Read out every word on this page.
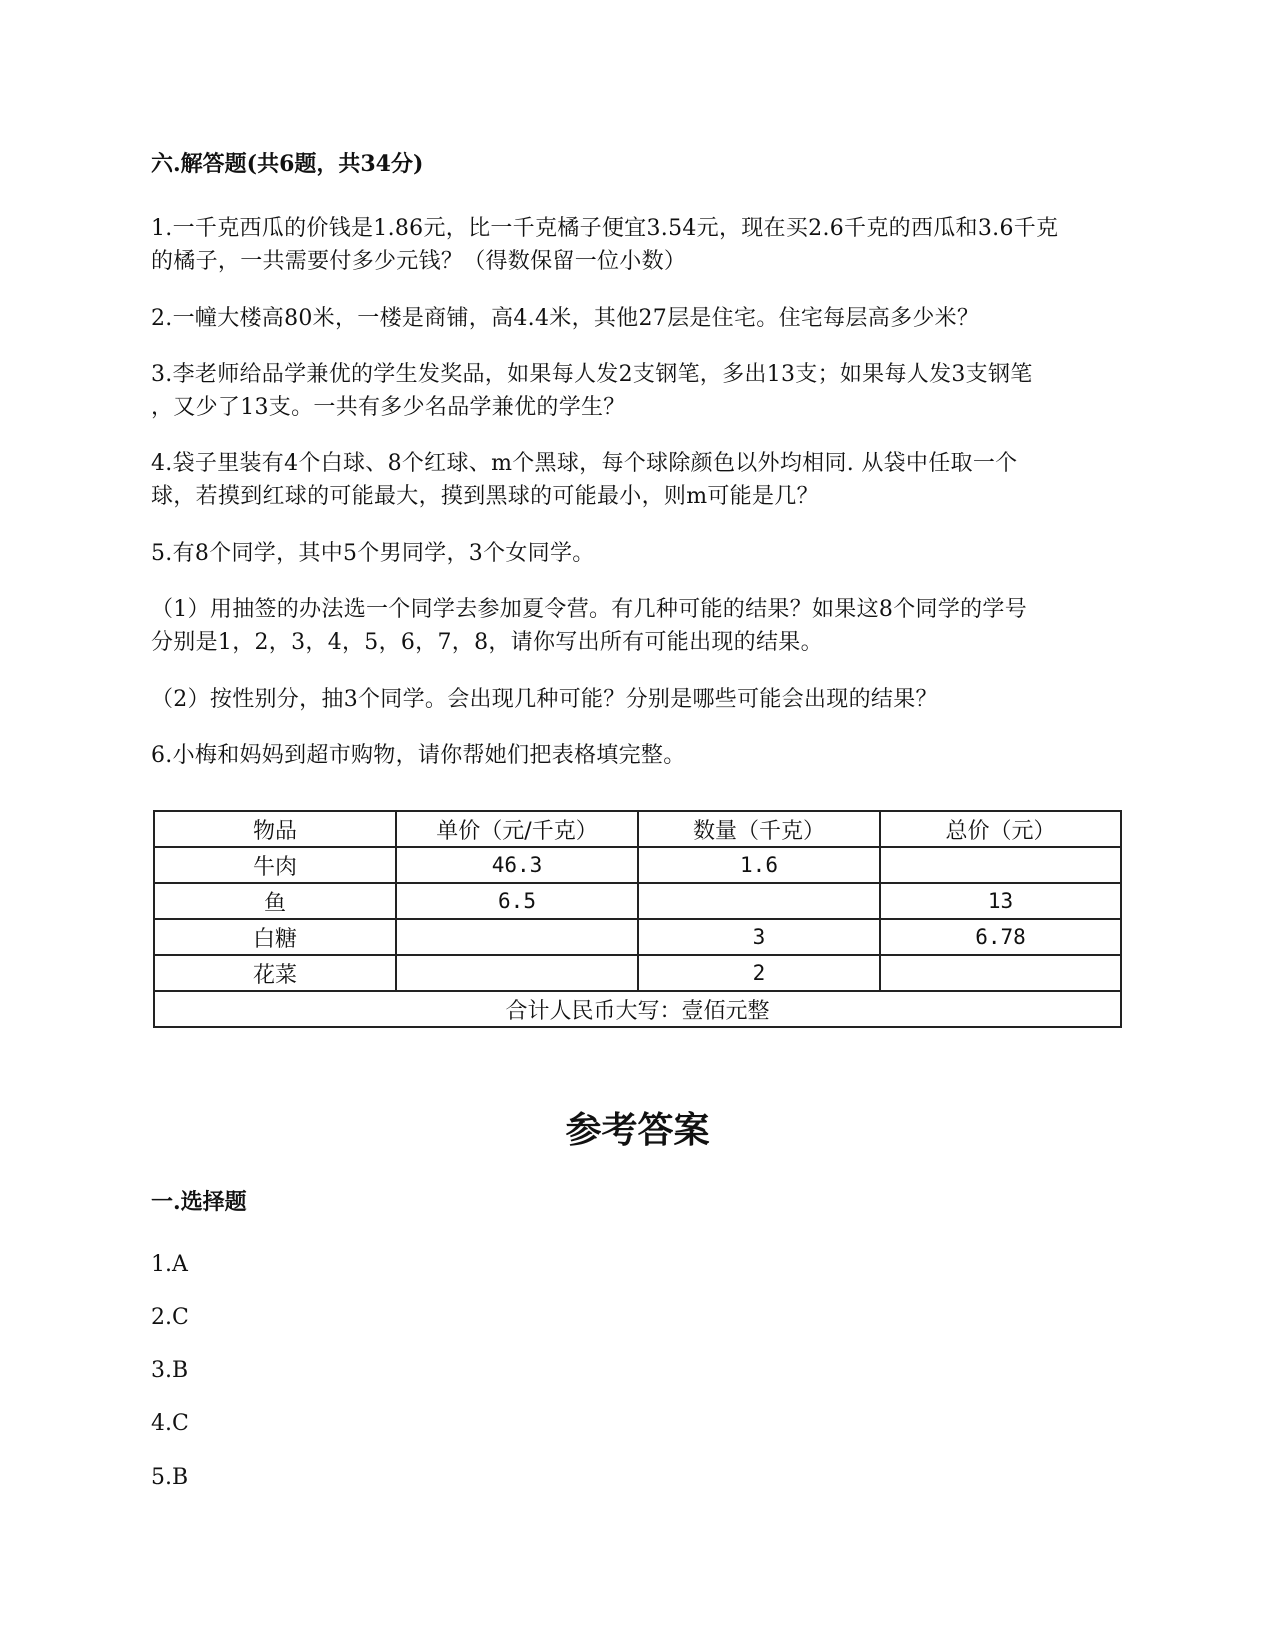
六.解答题(共6题，共34分)

1.一千克西瓜的价钱是1.86元，比一千克橘子便宜3.54元，现在买2.6千克的西瓜和3.6千克
的橘子，一共需要付多少元钱？（得数保留一位小数）

2.一幢大楼高80米，一楼是商铺，高4.4米，其他27层是住宅。住宅每层高多少米？

3.李老师给品学兼优的学生发奖品，如果每人发2支钢笔，多出13支；如果每人发3支钢笔
，又少了13支。一共有多少名品学兼优的学生？

4.袋子里装有4个白球、8个红球、m个黑球，每个球除颜色以外均相同. 从袋中任取一个
球，若摸到红球的可能最大，摸到黑球的可能最小，则m可能是几？

5.有8个同学，其中5个男同学，3个女同学。

（1）用抽签的办法选一个同学去参加夏令营。有几种可能的结果？如果这8个同学的学号
分别是1，2，3，4，5，6，7，8，请你写出所有可能出现的结果。

（2）按性别分，抽3个同学。会出现几种可能？分别是哪些可能会出现的结果？

6.小梅和妈妈到超市购物，请你帮她们把表格填完整。

物品	单价（元/千克）	数量（千克）	总价（元）
牛肉	46.3	1.6	
鱼	6.5		13
白糖		3	6.78
花菜		2	
合计人民币大写：壹佰元整			
参考答案
一.选择题

1.A

2.C

3.B

4.C

5.B
